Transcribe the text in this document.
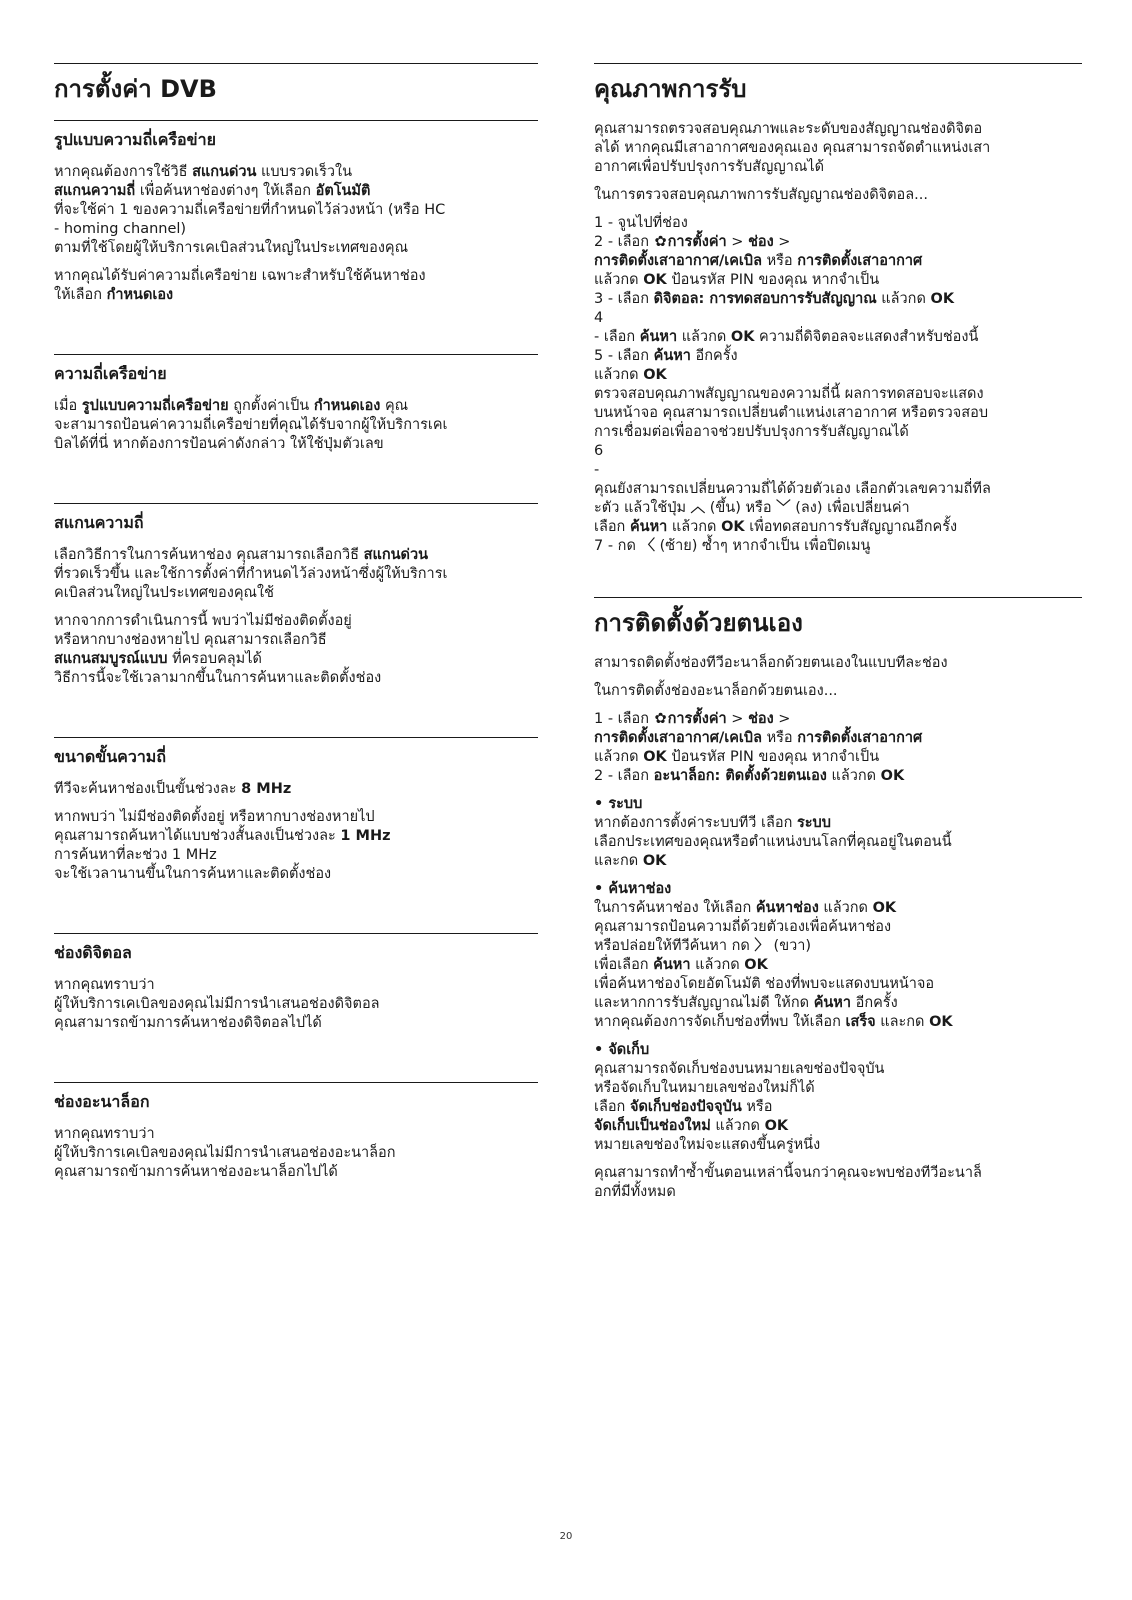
การตั้งค่า DVB
รูปแบบความถี่เครือข่าย

หากคุณต้องการใช้วิธี สแกนด่วน แบบรวดเร็วใน
สแกนความถี่ เพื่อค้นหาช่องต่างๆ ให้เลือก อัตโนมัติ
ที่จะใช้ค่า 1 ของความถี่เครือข่ายที่กำหนดไว้ล่วงหน้า (หรือ HC
- homing channel)
ตามที่ใช้โดยผู้ให้บริการเคเบิลส่วนใหญ่ในประเทศของคุณ

หากคุณได้รับค่าความถี่เครือข่าย เฉพาะสำหรับใช้ค้นหาช่อง
ให้เลือก กำหนดเอง

ความถี่เครือข่าย

เมื่อ รูปแบบความถี่เครือข่าย ถูกตั้งค่าเป็น กำหนดเอง คุณ
จะสามารถป้อนค่าความถี่เครือข่ายที่คุณได้รับจากผู้ให้บริการเคเ
บิลได้ที่นี่ หากต้องการป้อนค่าดังกล่าว ให้ใช้ปุ่มตัวเลข

สแกนความถี่

เลือกวิธีการในการค้นหาช่อง คุณสามารถเลือกวิธี สแกนด่วน
ที่รวดเร็วขึ้น และใช้การตั้งค่าที่กำหนดไว้ล่วงหน้าซึ่งผู้ให้บริการเ
คเบิลส่วนใหญ่ในประเทศของคุณใช้

หากจากการดำเนินการนี้ พบว่าไม่มีช่องติดตั้งอยู่
หรือหากบางช่องหายไป คุณสามารถเลือกวิธี
สแกนสมบูรณ์แบบ ที่ครอบคลุมได้
วิธีการนี้จะใช้เวลามากขึ้นในการค้นหาและติดตั้งช่อง

ขนาดขั้นความถี่

ทีวีจะค้นหาช่องเป็นขั้นช่วงละ 8 MHz

หากพบว่า ไม่มีช่องติดตั้งอยู่ หรือหากบางช่องหายไป
คุณสามารถค้นหาได้แบบช่วงสั้นลงเป็นช่วงละ 1 MHz
การค้นหาที่ละช่วง 1 MHz
จะใช้เวลานานขึ้นในการค้นหาและติดตั้งช่อง

ช่องดิจิตอล

หากคุณทราบว่า
ผู้ให้บริการเคเบิลของคุณไม่มีการนำเสนอช่องดิจิตอล
คุณสามารถข้ามการค้นหาช่องดิจิตอลไปได้

ช่องอะนาล็อก

หากคุณทราบว่า
ผู้ให้บริการเคเบิลของคุณไม่มีการนำเสนอช่องอะนาล็อก
คุณสามารถข้ามการค้นหาช่องอะนาล็อกไปได้

คุณภาพการรับ

คุณสามารถตรวจสอบคุณภาพและระดับของสัญญาณช่องดิจิตอ
ลได้ หากคุณมีเสาอากาศของคุณเอง คุณสามารถจัดตำแหน่งเสา
อากาศเพื่อปรับปรุงการรับสัญญาณได้

ในการตรวจสอบคุณภาพการรับสัญญาณช่องดิจิตอล...

1 - จูนไปที่ช่อง
2 - เลือก ✿การตั้งค่า > ช่อง >
การติดตั้งเสาอากาศ/เคเบิล หรือ การติดตั้งเสาอากาศ
แล้วกด OK ป้อนรหัส PIN ของคุณ หากจำเป็น
3 - เลือก ดิจิตอล: การทดสอบการรับสัญญาณ แล้วกด OK
4
- เลือก ค้นหา แล้วกด OK ความถี่ดิจิตอลจะแสดงสำหรับช่องนี้
5 - เลือก ค้นหา อีกครั้ง
แล้วกด OK
ตรวจสอบคุณภาพสัญญาณของความถี่นี้ ผลการทดสอบจะแสดง
บนหน้าจอ คุณสามารถเปลี่ยนตำแหน่งเสาอากาศ หรือตรวจสอบ
การเชื่อมต่อเพื่ออาจช่วยปรับปรุงการรับสัญญาณได้
6
-
คุณยังสามารถเปลี่ยนความถี่ได้ด้วยตัวเอง เลือกตัวเลขความถี่ทีล
ะตัว แล้วใช้ปุ่ม ︿ (ขึ้น) หรือ ﹀ (ลง) เพื่อเปลี่ยนค่า
เลือก ค้นหา แล้วกด OK เพื่อทดสอบการรับสัญญาณอีกครั้ง
7 - กด 〈 (ซ้าย) ซ้ำๆ หากจำเป็น เพื่อปิดเมนู

การติดตั้งด้วยตนเอง

สามารถติดตั้งช่องทีวีอะนาล็อกด้วยตนเองในแบบทีละช่อง

ในการติดตั้งช่องอะนาล็อกด้วยตนเอง...

1 - เลือก ✿การตั้งค่า > ช่อง >
การติดตั้งเสาอากาศ/เคเบิล หรือ การติดตั้งเสาอากาศ
แล้วกด OK ป้อนรหัส PIN ของคุณ หากจำเป็น
2 - เลือก อะนาล็อก: ติดตั้งด้วยตนเอง แล้วกด OK

• ระบบ
หากต้องการตั้งค่าระบบทีวี เลือก ระบบ
เลือกประเทศของคุณหรือตำแหน่งบนโลกที่คุณอยู่ในตอนนี้
และกด OK

• ค้นหาช่อง
ในการค้นหาช่อง ให้เลือก ค้นหาช่อง แล้วกด OK
คุณสามารถป้อนความถี่ด้วยตัวเองเพื่อค้นหาช่อง
หรือปล่อยให้ทีวีค้นหา กด 〉 (ขวา)
เพื่อเลือก ค้นหา แล้วกด OK
เพื่อค้นหาช่องโดยอัตโนมัติ ช่องที่พบจะแสดงบนหน้าจอ
และหากการรับสัญญาณไม่ดี ให้กด ค้นหา อีกครั้ง
หากคุณต้องการจัดเก็บช่องที่พบ ให้เลือก เสร็จ และกด OK

• จัดเก็บ
คุณสามารถจัดเก็บช่องบนหมายเลขช่องปัจจุบัน
หรือจัดเก็บในหมายเลขช่องใหม่ก็ได้
เลือก จัดเก็บช่องปัจจุบัน หรือ
จัดเก็บเป็นช่องใหม่ แล้วกด OK
หมายเลขช่องใหม่จะแสดงขึ้นครู่หนึ่ง

คุณสามารถทำซ้ำขั้นตอนเหล่านี้จนกว่าคุณจะพบช่องทีวีอะนาล็
อกที่มีทั้งหมด

20
